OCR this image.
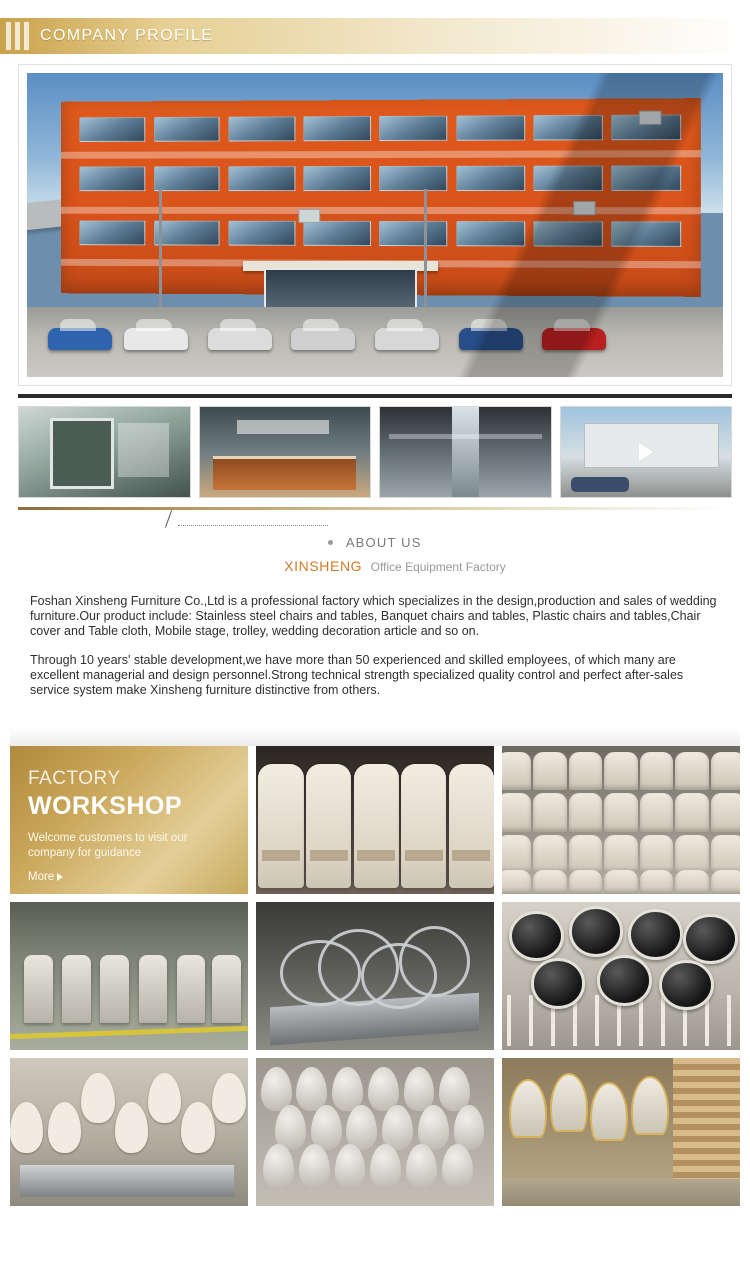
COMPANY PROFILE
ABOUT US
XINSHENG Office Equipment Factory

Foshan Xinsheng Furniture Co.,Ltd is a professional factory which specializes in the design,production and sales of wedding furniture.Our product include: Stainless steel chairs and tables, Banquet chairs and tables, Plastic chairs and tables,Chair cover and Table cloth, Mobile stage, trolley, wedding decoration article and so on.

Through 10 years' stable development,we have more than 50 experienced and skilled employees, of which many are excellent managerial and design personnel.Strong technical strength specialized quality control and perfect after-sales service system make Xinsheng furniture distinctive from others.

FACTORY
WORKSHOP
Welcome customers to visit our company for guidance
More
